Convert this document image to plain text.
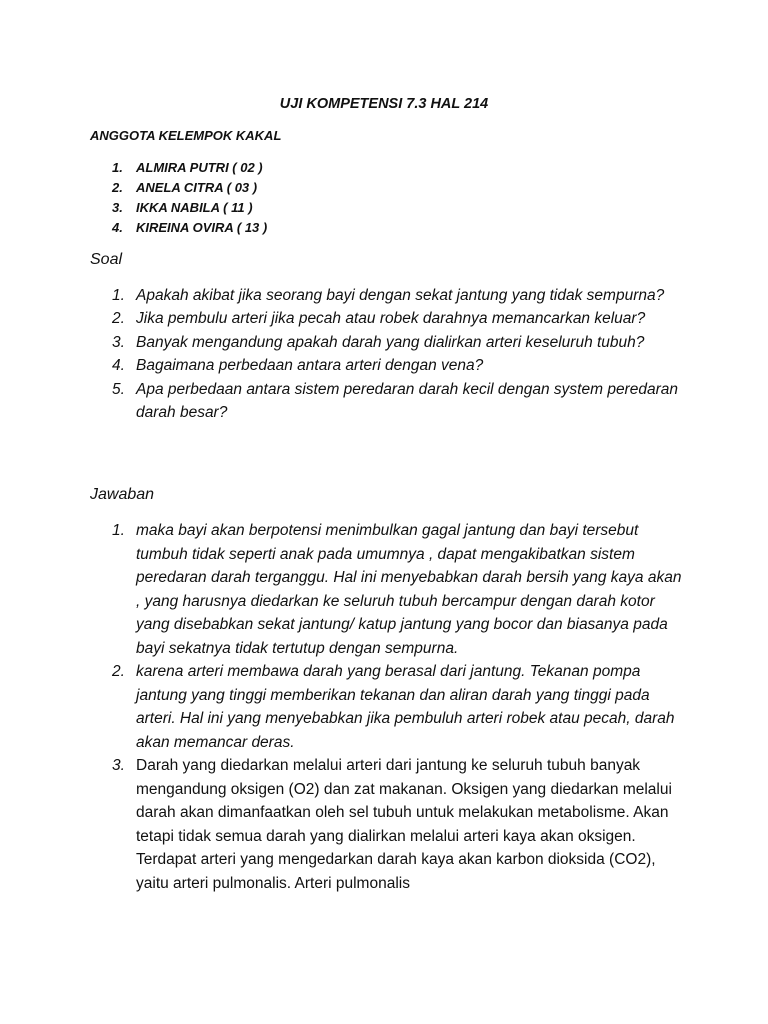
UJI KOMPETENSI 7.3 HAL 214
ANGGOTA KELEMPOK KAKAL
1. ALMIRA PUTRI ( 02 )
2. ANELA CITRA ( 03 )
3. IKKA NABILA ( 11 )
4. KIREINA OVIRA ( 13 )
Soal
1. Apakah akibat jika seorang bayi dengan sekat jantung yang tidak sempurna?
2. Jika pembulu arteri jika pecah atau robek darahnya memancarkan keluar?
3. Banyak mengandung apakah darah yang dialirkan arteri keseluruh tubuh?
4. Bagaimana perbedaan antara arteri dengan vena?
5. Apa perbedaan antara sistem peredaran darah kecil dengan system peredaran darah besar?
Jawaban
1. maka bayi akan berpotensi menimbulkan gagal jantung dan bayi tersebut tumbuh tidak seperti anak pada umumnya , dapat mengakibatkan sistem peredaran darah terganggu. Hal ini menyebabkan darah bersih yang kaya akan , yang harusnya diedarkan ke seluruh tubuh bercampur dengan darah kotor yang disebabkan sekat jantung/ katup jantung yang bocor dan biasanya pada bayi sekatnya tidak tertutup dengan sempurna.
2. karena arteri membawa darah yang berasal dari jantung. Tekanan pompa jantung yang tinggi memberikan tekanan dan aliran darah yang tinggi pada arteri. Hal ini yang menyebabkan jika pembuluh arteri robek atau pecah, darah akan memancar deras.
3. Darah yang diedarkan melalui arteri dari jantung ke seluruh tubuh banyak mengandung oksigen (O2) dan zat makanan. Oksigen yang diedarkan melalui darah akan dimanfaatkan oleh sel tubuh untuk melakukan metabolisme. Akan tetapi tidak semua darah yang dialirkan melalui arteri kaya akan oksigen. Terdapat arteri yang mengedarkan darah kaya akan karbon dioksida (CO2), yaitu arteri pulmonalis. Arteri pulmonalis
